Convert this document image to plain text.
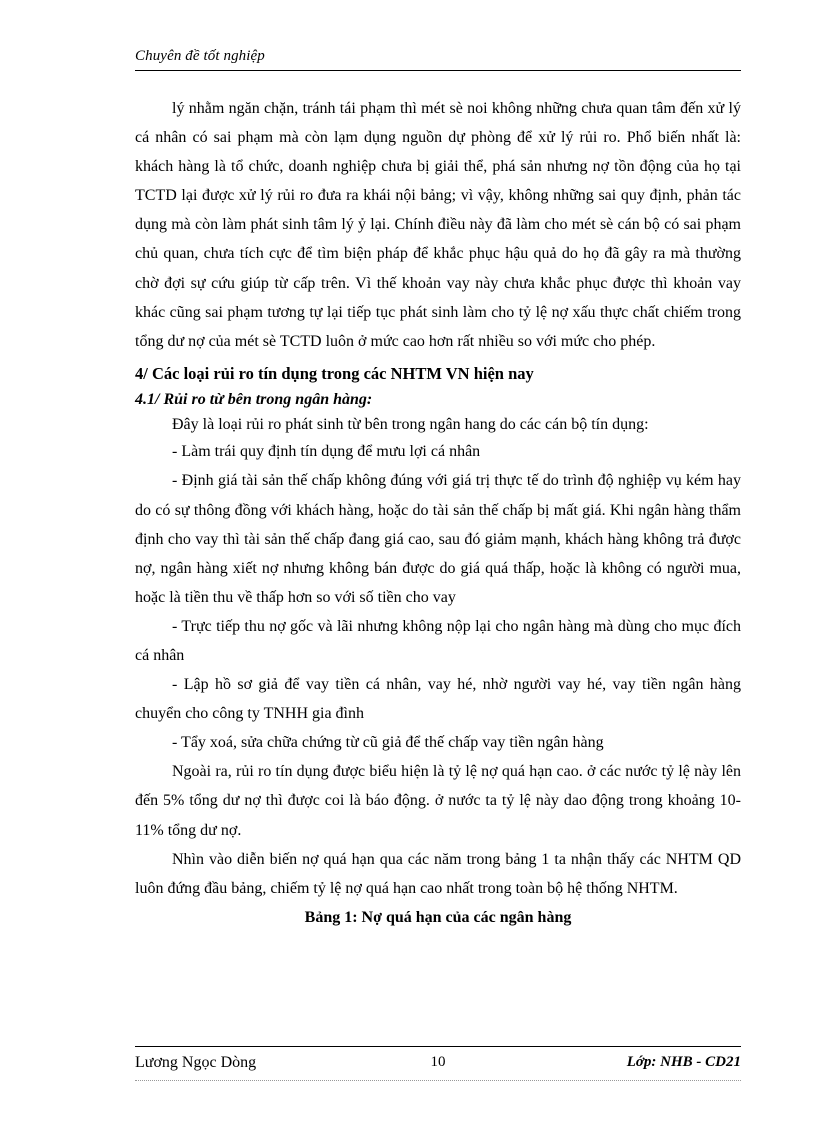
Chuyên đề tốt nghiệp

lý nhằm ngăn chặn, tránh tái phạm thì mét sè noi không những chưa quan tâm đến xử lý cá nhân có sai phạm mà còn lạm dụng nguồn dự phòng để xử lý rủi ro. Phổ biến nhất là: khách hàng là tổ chức, doanh nghiệp chưa bị giải thể, phá sản nhưng nợ tồn động của họ tại TCTD lại được xử lý rủi ro đưa ra khái nội bảng; vì vậy, không những sai quy định, phản tác dụng mà còn làm phát sinh tâm lý ỷ lại. Chính điều này đã làm cho mét sè cán bộ có sai phạm chủ quan, chưa tích cực để tìm biện pháp để khắc phục hậu quả do họ đã gây ra mà thường chờ đợi sự cứu giúp từ cấp trên. Vì thế khoản vay này chưa khắc phục được thì khoản vay khác cũng sai phạm tương tự lại tiếp tục phát sinh làm cho tỷ lệ nợ xấu thực chất chiếm trong tổng dư nợ của mét sè TCTD luôn ở mức cao hơn rất nhiều so với mức cho phép.

4/ Các loại rủi ro tín dụng trong các NHTM VN hiện nay

4.1/ Rủi ro từ bên trong ngân hàng:

Đây là loại rủi ro phát sinh từ bên trong ngân hang do các cán bộ tín dụng:

- Làm trái quy định tín dụng để mưu lợi cá nhân

- Định giá tài sản thế chấp không đúng với giá trị thực tế do trình độ nghiệp vụ kém hay do có sự thông đồng với khách hàng, hoặc do tài sản thế chấp bị mất giá. Khi ngân hàng thẩm định cho vay thì tài sản thế chấp đang giá cao, sau đó giảm mạnh, khách hàng không trả được nợ, ngân hàng xiết nợ nhưng không bán được do giá quá thấp, hoặc là không có người mua, hoặc là tiền thu về thấp hơn so với số tiền cho vay

- Trực tiếp thu nợ gốc và lãi nhưng không nộp lại cho ngân hàng mà dùng cho mục đích cá nhân

- Lập hồ sơ giả để vay tiền cá nhân, vay hé, nhờ người vay hé, vay tiền ngân hàng chuyển cho công ty TNHH gia đình

- Tẩy xoá, sửa chữa chứng từ cũ giả để thế chấp vay tiền ngân hàng

Ngoài ra, rủi ro tín dụng được biểu hiện là tỷ lệ nợ quá hạn cao. ở các nước tỷ lệ này lên đến 5% tổng dư nợ thì được coi là báo động. ở nước ta tỷ lệ này dao động trong khoảng 10-11% tổng dư nợ.

Nhìn vào diễn biến nợ quá hạn qua các năm trong bảng 1 ta nhận thấy các NHTM QD luôn đứng đầu bảng, chiếm tỷ lệ nợ quá hạn cao nhất trong toàn bộ hệ thống NHTM.

Bảng 1: Nợ quá hạn của các ngân hàng

Lương Ngọc Dòng	10	Lớp: NHB - CD21
